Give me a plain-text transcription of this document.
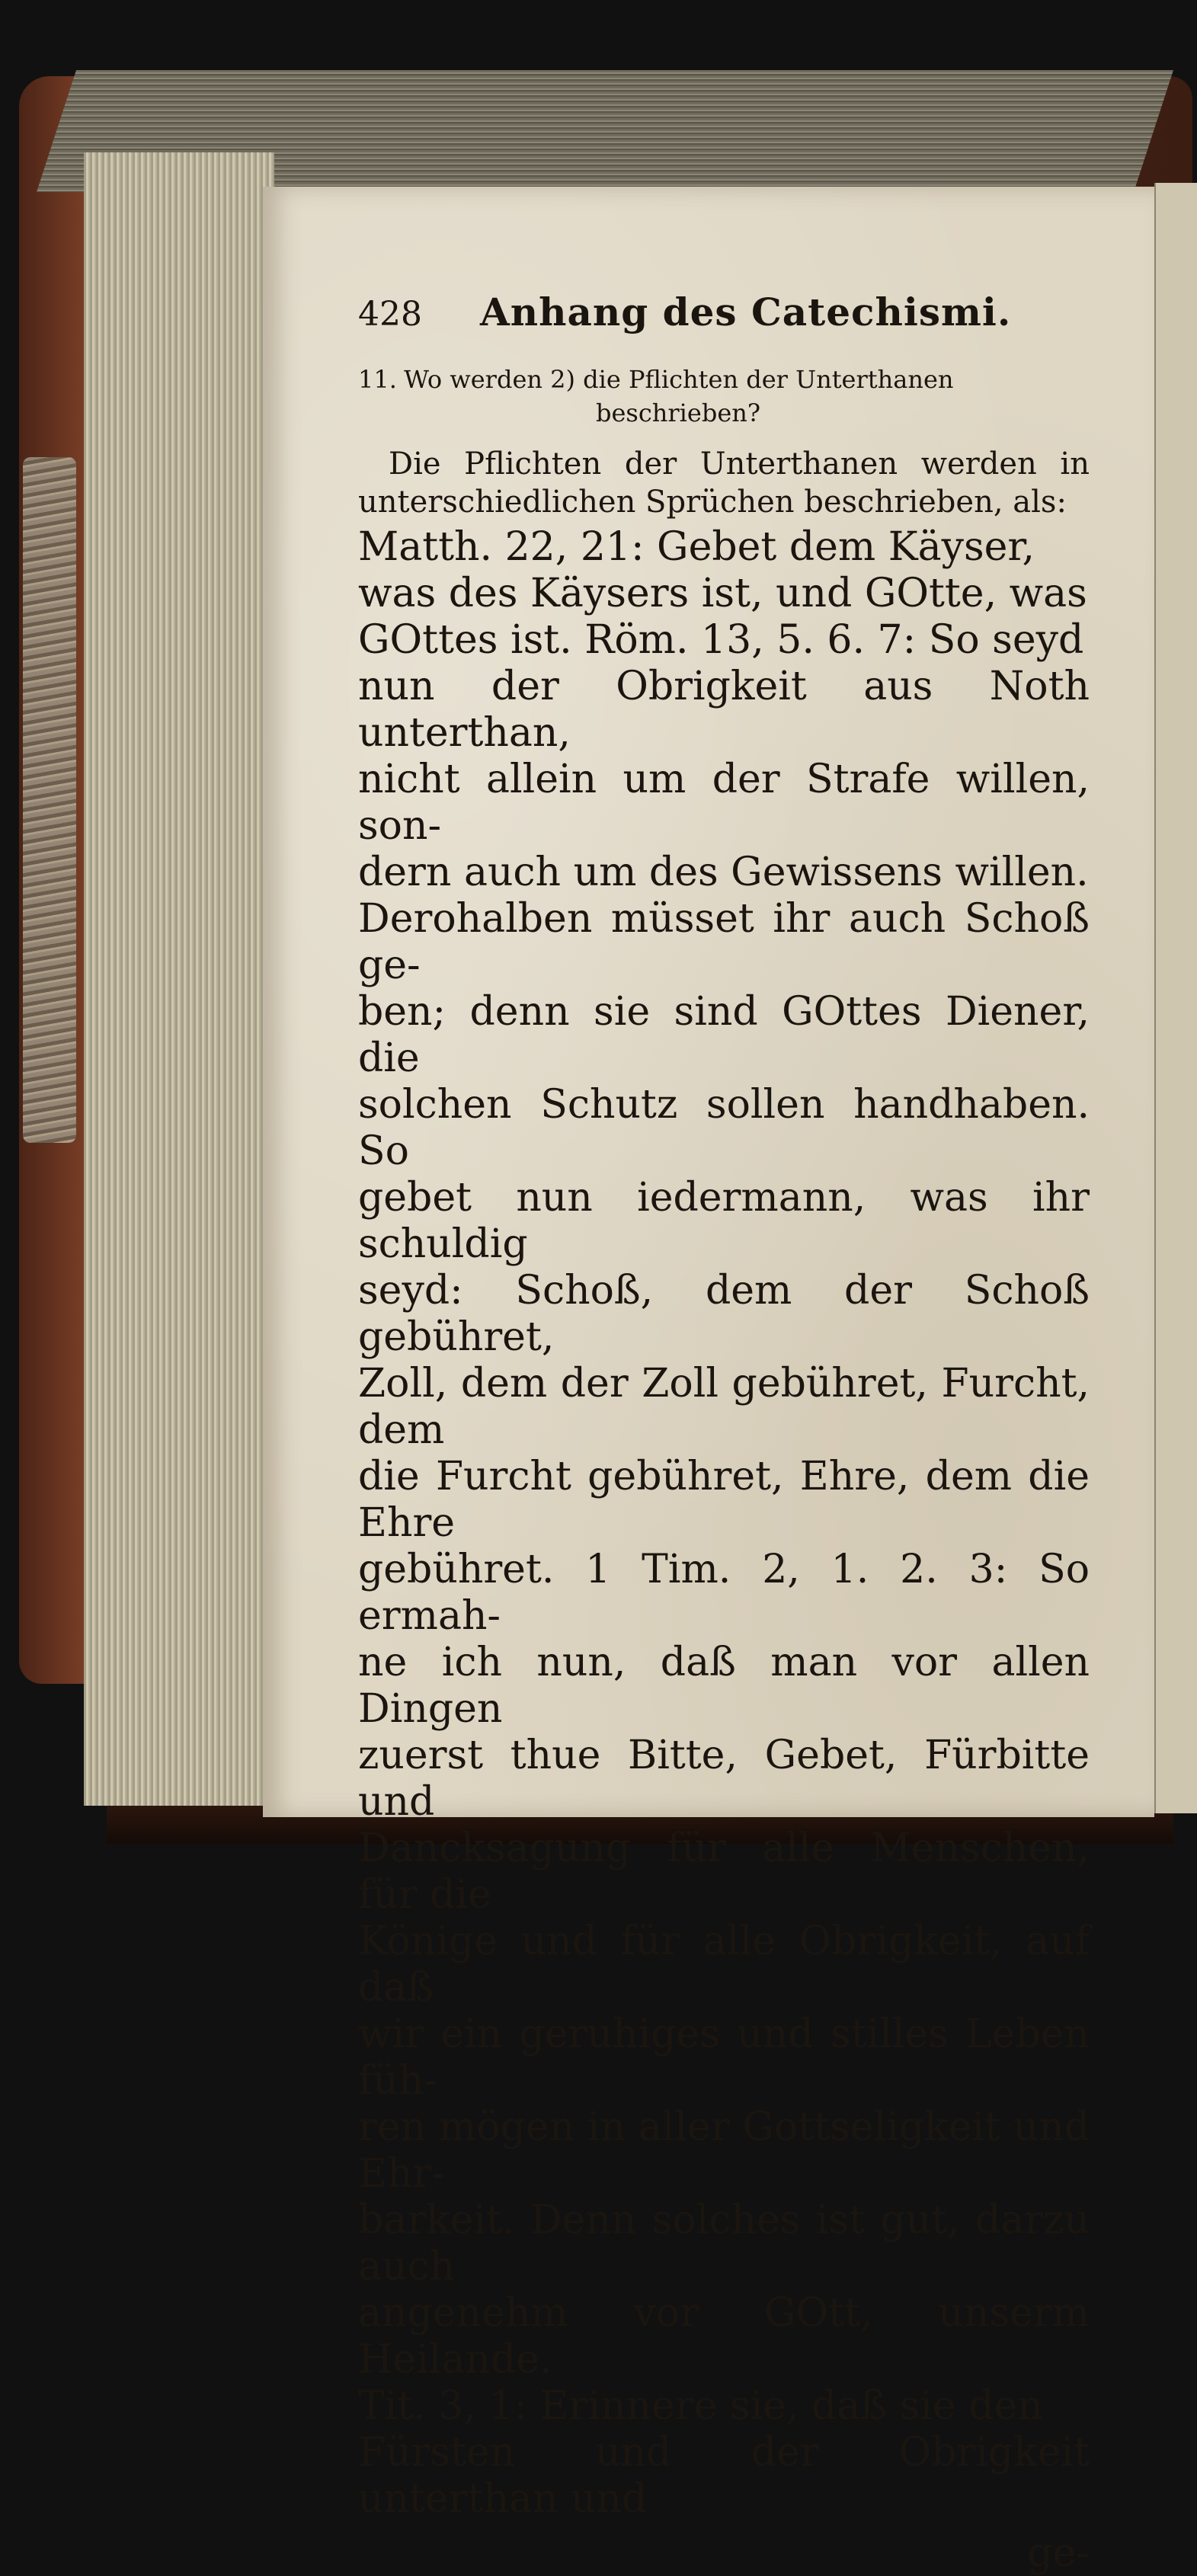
428	Anhang des Catechismi.
11. Wo werden 2) die Pflichten der Unterthanen
beschrieben?
Die Pflichten der Unterthanen werden in unterschiedlichen Sprüchen beschrieben, als:
Matth. 22, 21: Gebet dem Käyser,
was des Käysers ist, und GOtte, was
GOttes ist. Röm. 13, 5. 6. 7: So seyd
nun der Obrigkeit aus Noth unterthan,
nicht allein um der Strafe willen, son-
dern auch um des Gewissens willen.
Derohalben müsset ihr auch Schoß ge-
ben; denn sie sind GOttes Diener, die
solchen Schutz sollen handhaben. So
gebet nun iedermann, was ihr schuldig
seyd: Schoß, dem der Schoß gebühret,
Zoll, dem der Zoll gebühret, Furcht, dem
die Furcht gebühret, Ehre, dem die Ehre
gebühret. 1 Tim. 2, 1. 2. 3: So ermah-
ne ich nun, daß man vor allen Dingen
zuerst thue Bitte, Gebet, Fürbitte und
Dancksagung für alle Menschen, für die
Könige und für alle Obrigkeit, auf daß
wir ein geruhiges und stilles Leben füh-
ren mögen in aller Gottseligkeit und Ehr-
barkeit. Denn solches ist gut, darzu auch
angenehm vor GOtt, unserm Heilande.
Tit. 3, 1: Erinnere sie, daß sie den
Fürsten und der Obrigkeit unterthan und
ge-
